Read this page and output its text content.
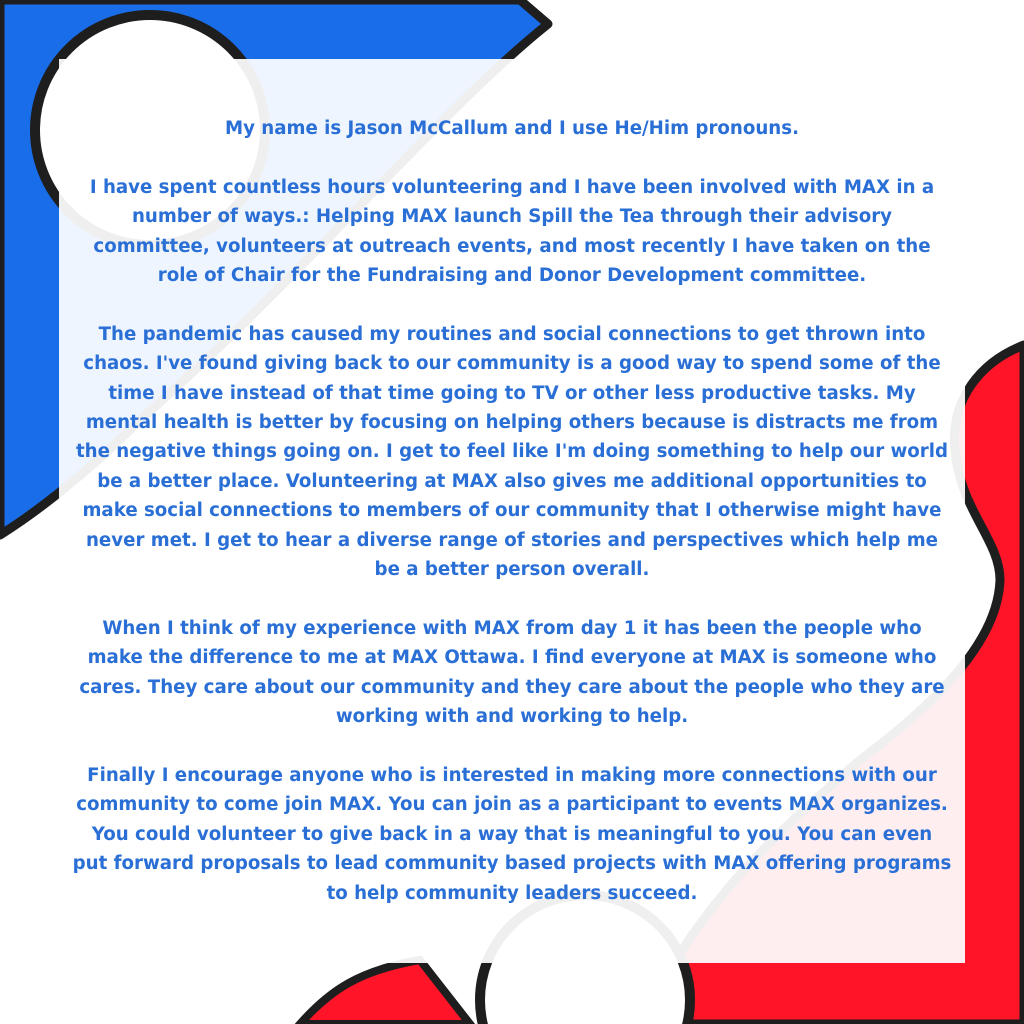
My name is Jason McCallum and I use He/Him pronouns.

I have spent countless hours volunteering and I have been involved with MAX in a number of ways.: Helping MAX launch Spill the Tea through their advisory committee, volunteers at outreach events, and most recently I have taken on the role of Chair for the Fundraising and Donor Development committee.

The pandemic has caused my routines and social connections to get thrown into chaos. I've found giving back to our community is a good way to spend some of the time I have instead of that time going to TV or other less productive tasks. My mental health is better by focusing on helping others because is distracts me from the negative things going on. I get to feel like I'm doing something to help our world be a better place. Volunteering at MAX also gives me additional opportunities to make social connections to members of our community that I otherwise might have never met. I get to hear a diverse range of stories and perspectives which help me be a better person overall.

When I think of my experience with MAX from day 1 it has been the people who make the difference to me at MAX Ottawa. I find everyone at MAX is someone who cares. They care about our community and they care about the people who they are working with and working to help.

Finally I encourage anyone who is interested in making more connections with our community to come join MAX. You can join as a participant to events MAX organizes. You could volunteer to give back in a way that is meaningful to you. You can even put forward proposals to lead community based projects with MAX offering programs to help community leaders succeed.
